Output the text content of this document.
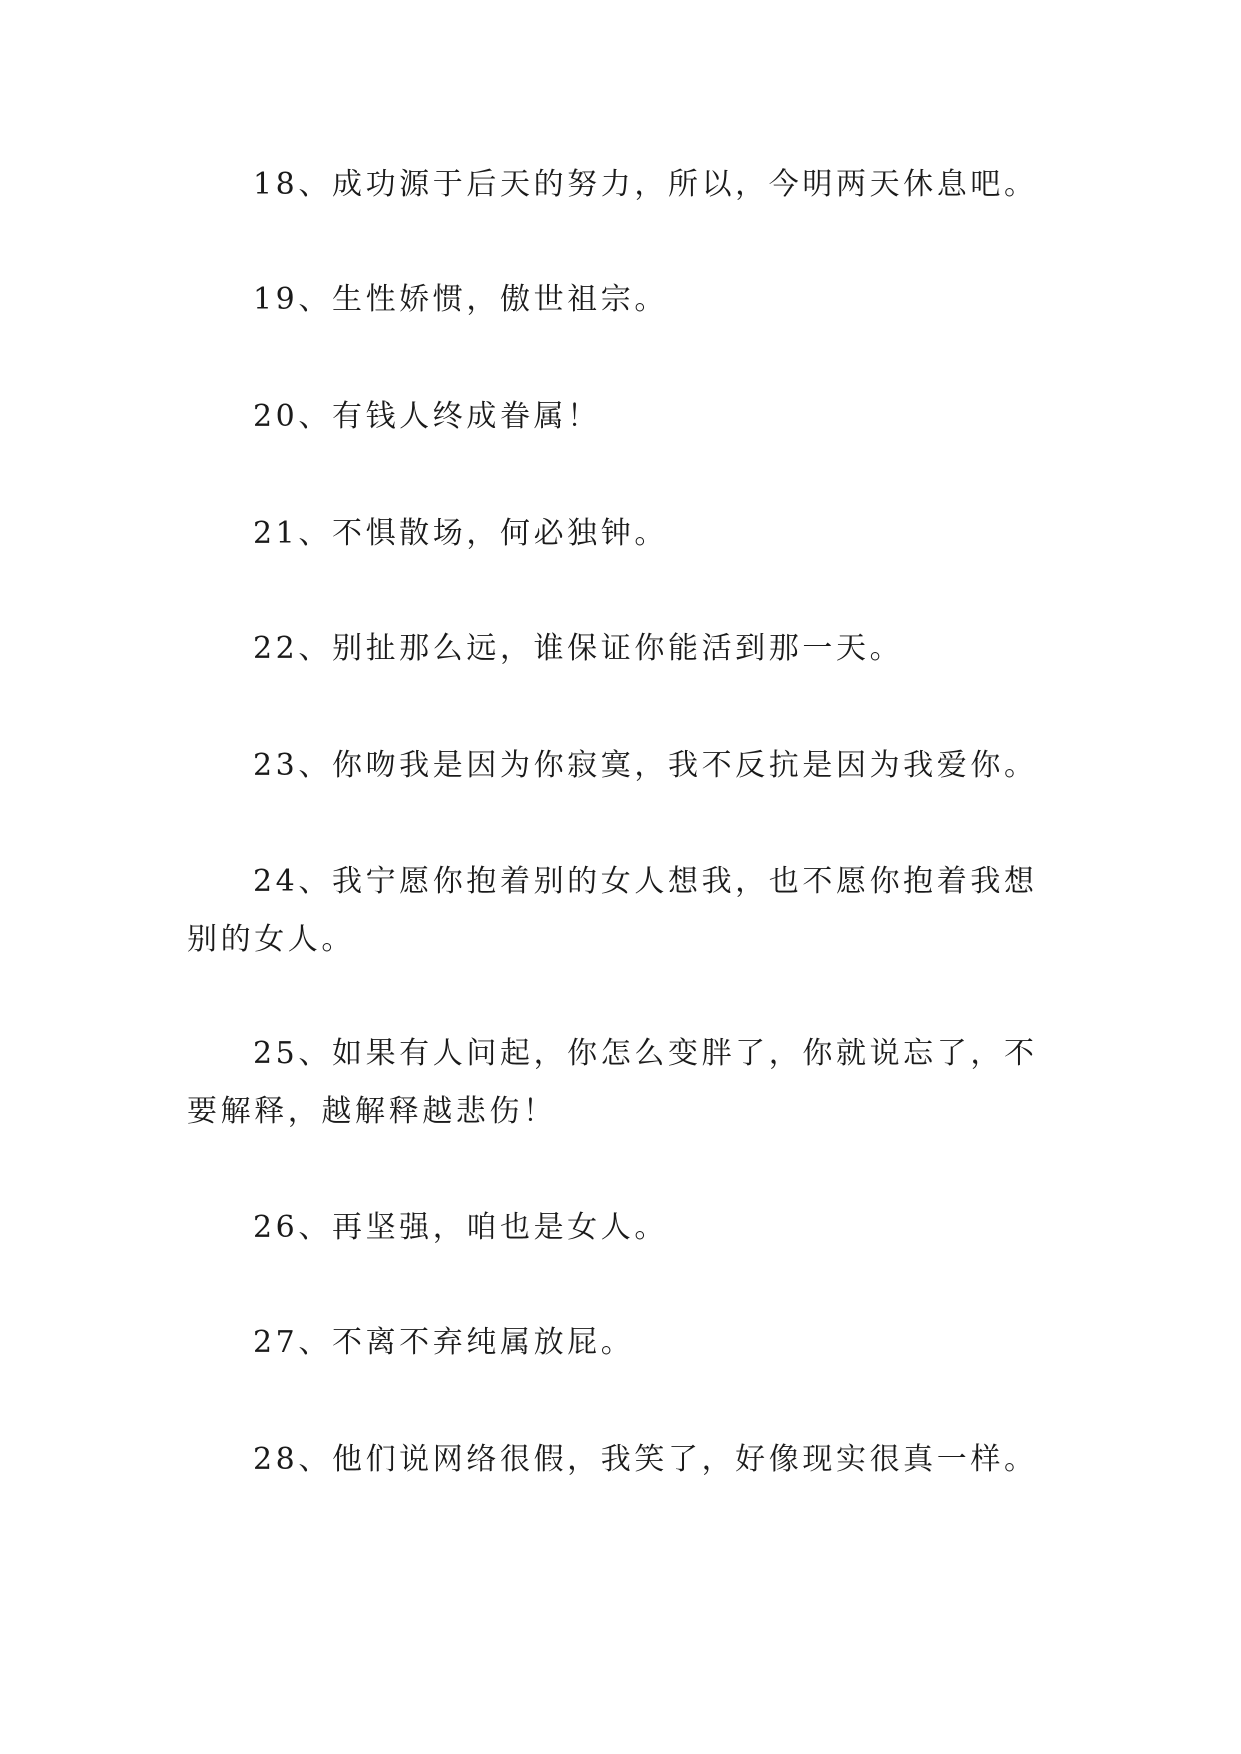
18、成功源于后天的努力，所以，今明两天休息吧。

19、生性娇惯，傲世祖宗。

20、有钱人终成眷属！

21、不惧散场，何必独钟。

22、别扯那么远，谁保证你能活到那一天。

23、你吻我是因为你寂寞，我不反抗是因为我爱你。

24、我宁愿你抱着别的女人想我，也不愿你抱着我想别的女人。

25、如果有人问起，你怎么变胖了，你就说忘了，不要解释，越解释越悲伤！

26、再坚强，咱也是女人。

27、不离不弃纯属放屁。

28、他们说网络很假，我笑了，好像现实很真一样。
